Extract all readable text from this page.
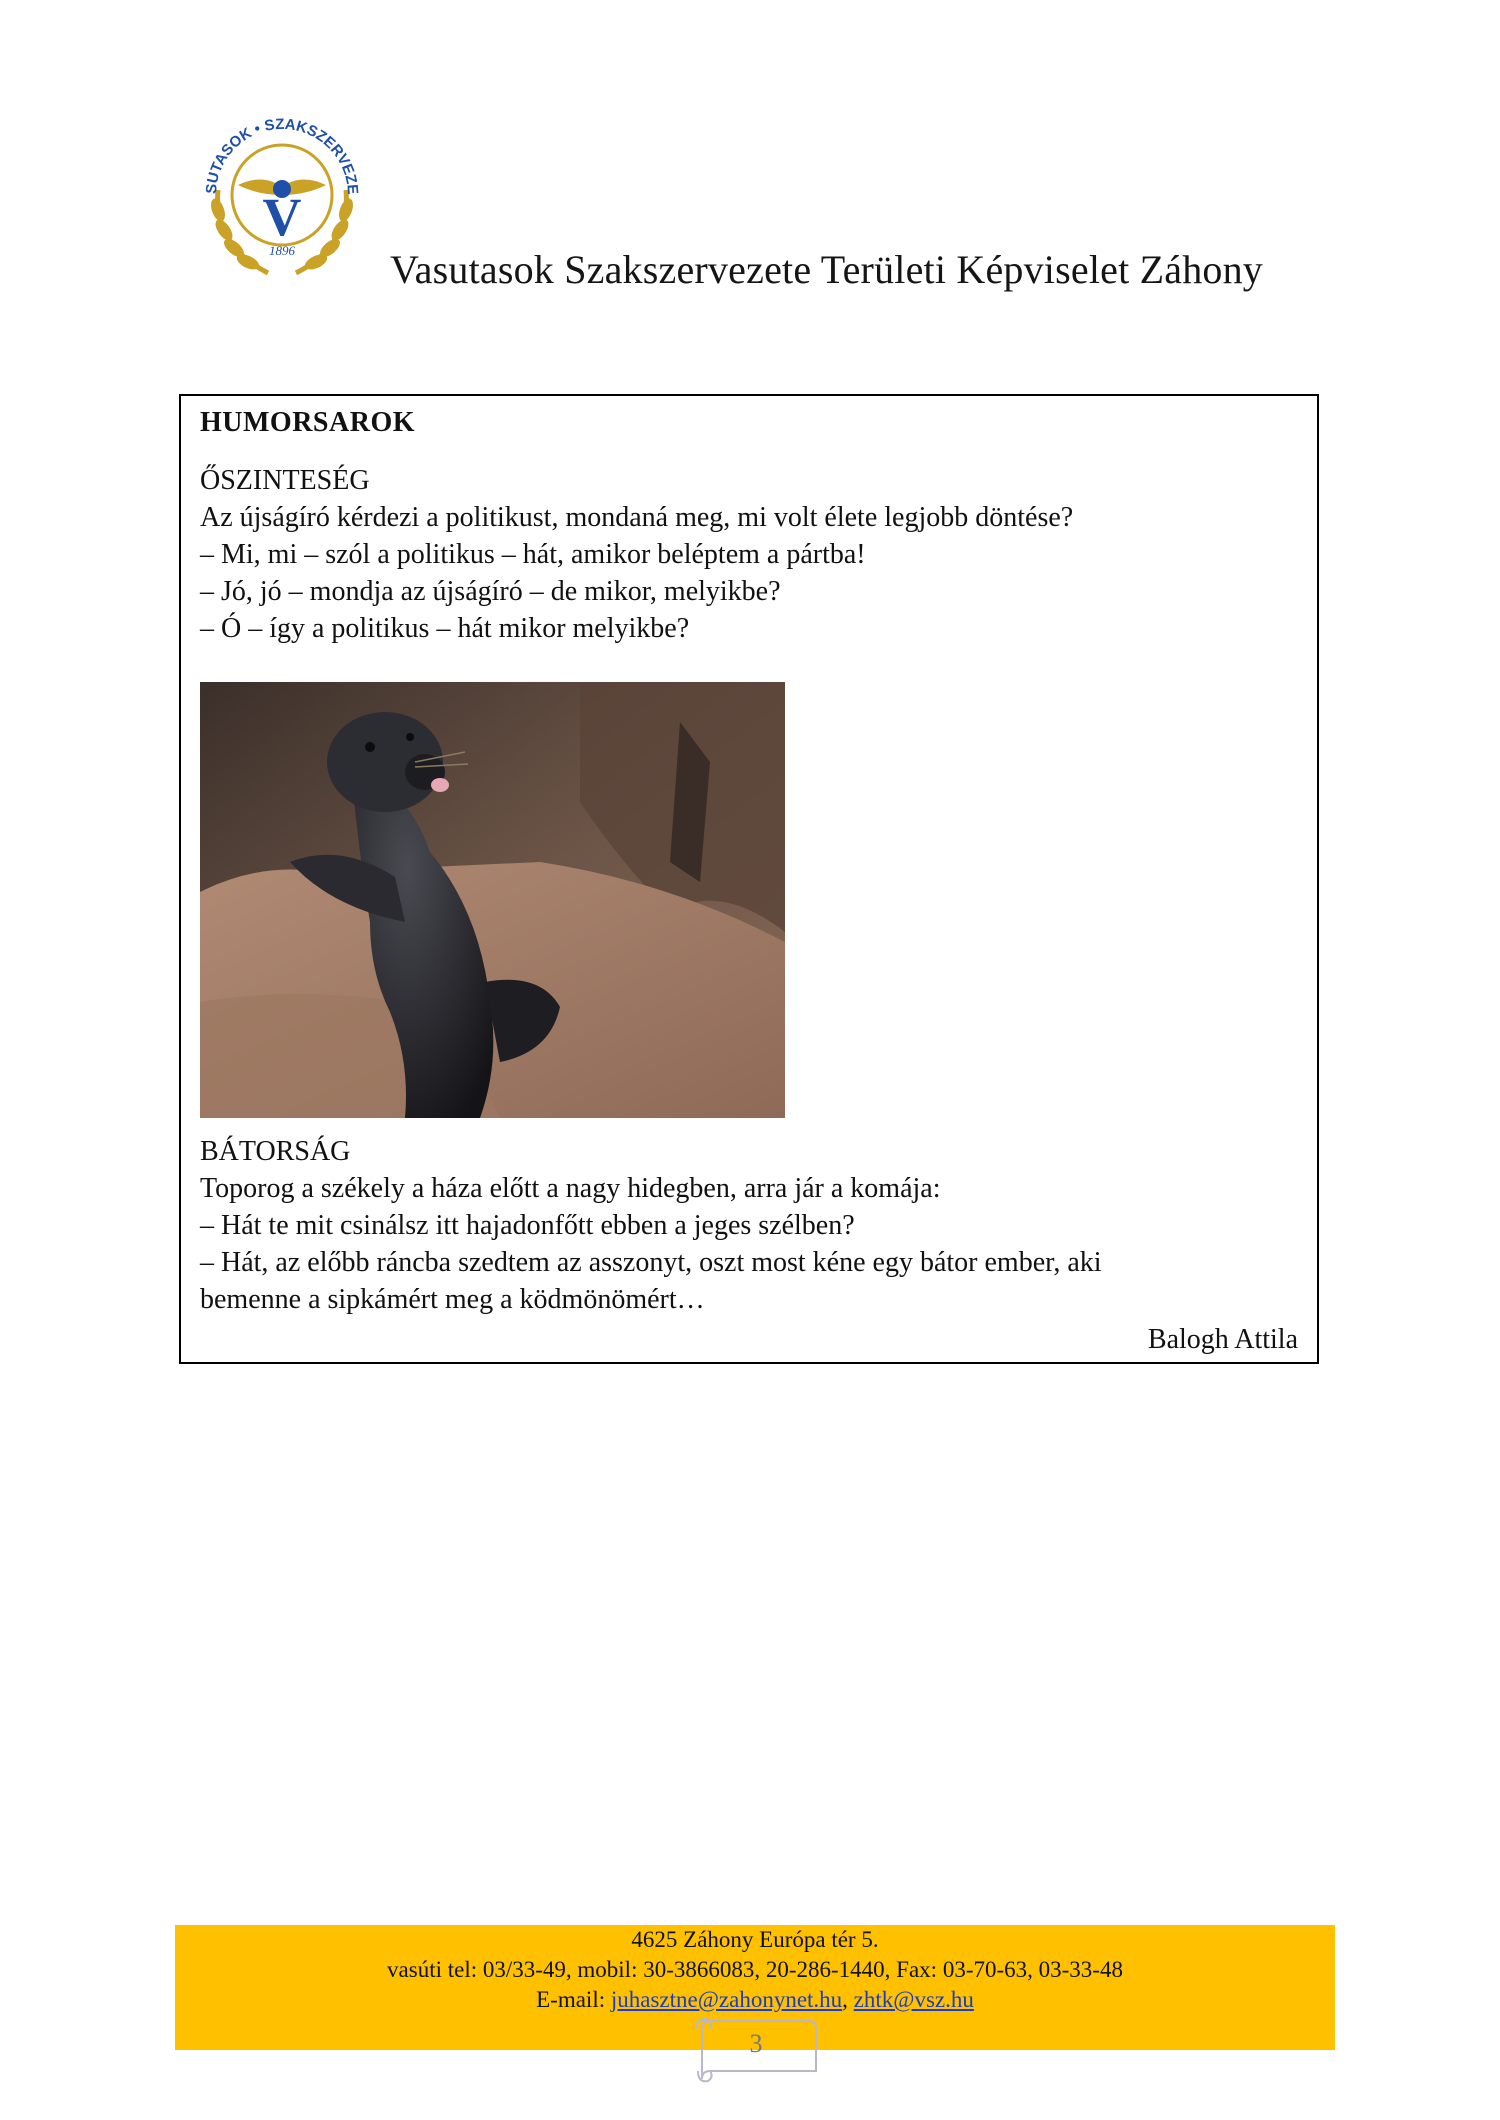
SUTASOK • SZAKSZERVEZE
V
1896 Vasutasok Szakszervezete Területi Képviselet Záhony
HUMORSAROK
ŐSZINTESÉG
Az újságíró kérdezi a politikust, mondaná meg, mi volt élete legjobb döntése?
– Mi, mi – szól a politikus – hát, amikor beléptem a pártba!
– Jó, jó – mondja az újságíró – de mikor, melyikbe?
– Ó – így a politikus – hát mikor melyikbe?
BÁTORSÁG
Toporog a székely a háza előtt a nagy hidegben, arra jár a komája:
– Hát te mit csinálsz itt hajadonfőtt ebben a jeges szélben?
– Hát, az előbb ráncba szedtem az asszonyt, oszt most kéne egy bátor ember, aki
bemenne a sipkámért meg a ködmönömért…
Balogh Attila
4625 Záhony Európa tér 5.
vasúti tel: 03/33-49, mobil: 30-3866083, 20-286-1440, Fax: 03-70-63, 03-33-48
E-mail: juhasztne@zahonynet.hu, zhtk@vsz.hu
3
